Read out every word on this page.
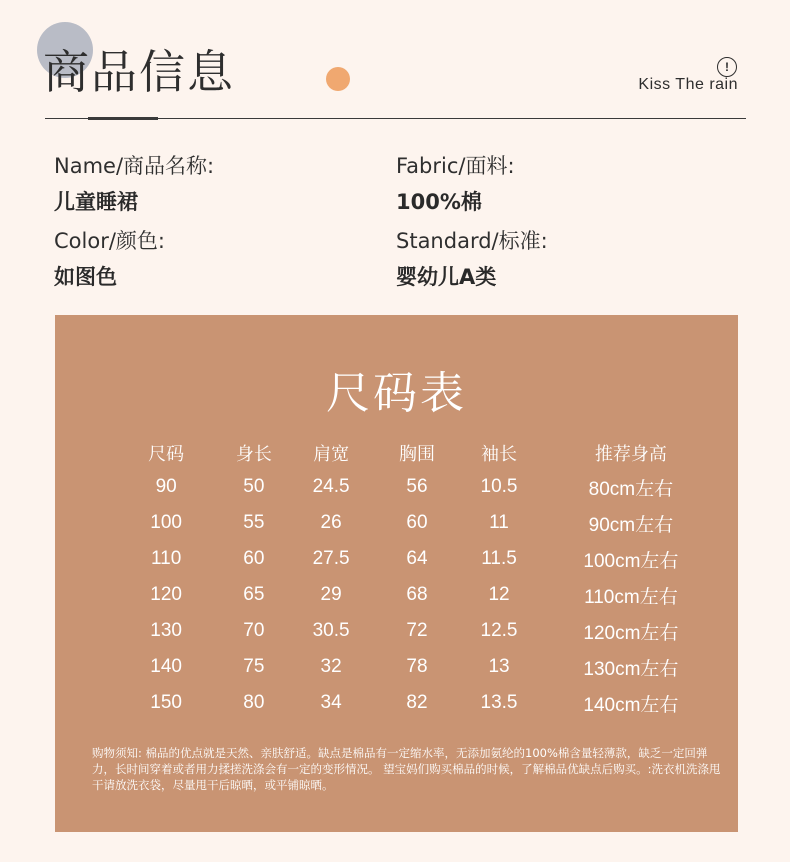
商品信息	!
Kiss The rain
Name/商品名称:
儿童睡裙
Fabric/面料:
100%棉
Color/颜色:
如图色
Standard/标准:
婴幼儿A类
尺码表
尺码	身长	肩宽	胸围	袖长	推荐身高
90	50	24.5	56	10.5	80cm左右
100	55	26	60	11	90cm左右
110	60	27.5	64	11.5	100cm左右
120	65	29	68	12	110cm左右
130	70	30.5	72	12.5	120cm左右
140	75	32	78	13	130cm左右
150	80	34	82	13.5	140cm左右
购物须知: 棉品的优点就是天然、亲肤舒适。缺点是棉品有一定缩水率，无添加氨纶的100%棉含量轻薄款，缺乏一定回弹力，长时间穿着或者用力揉搓洗涤会有一定的变形情况。 望宝妈们购买棉品的时候，了解棉品优缺点后购买。:洗衣机洗涤甩干请放洗衣袋，尽量甩干后晾晒，或平铺晾晒。
